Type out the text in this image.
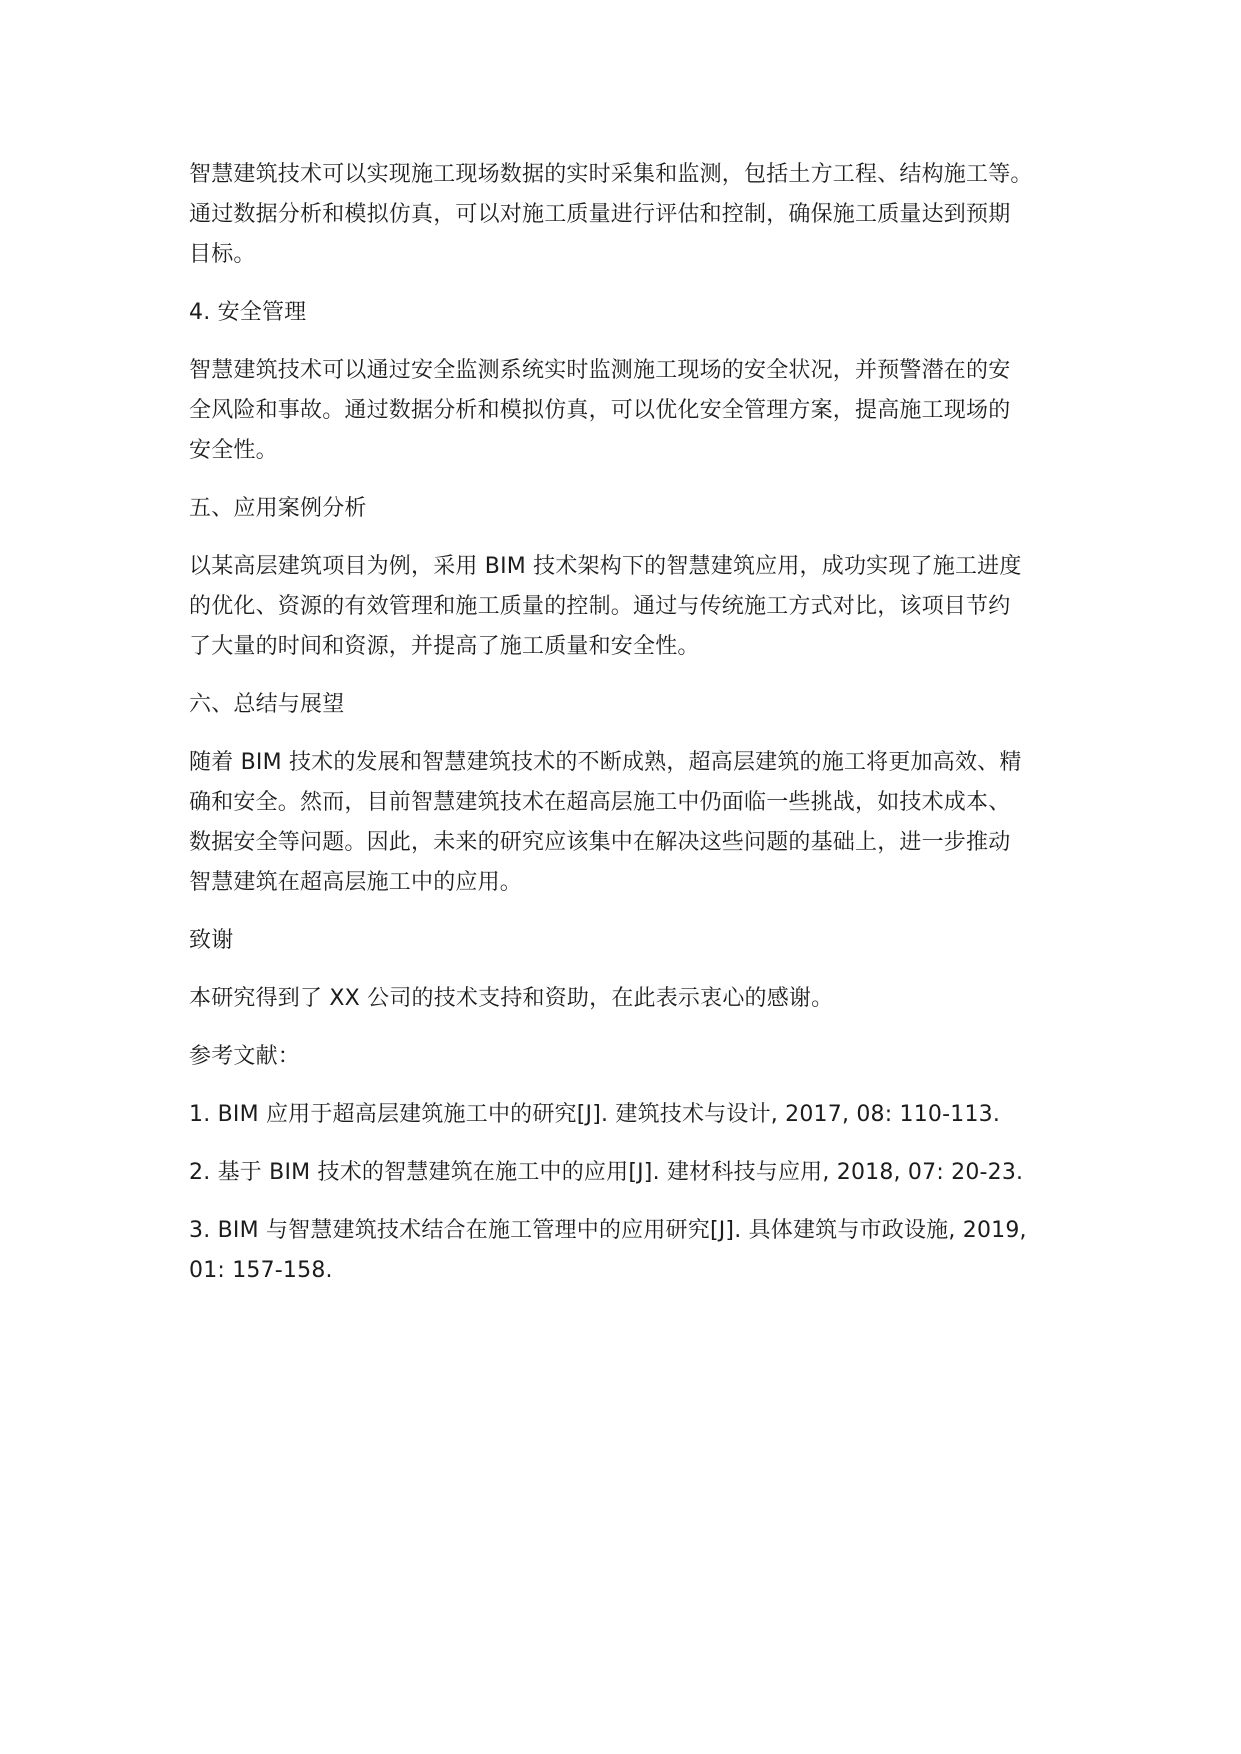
智慧建筑技术可以实现施工现场数据的实时采集和监测，包括土方工程、结构施工等。
通过数据分析和模拟仿真，可以对施工质量进行评估和控制，确保施工质量达到预期
目标。

4. 安全管理

智慧建筑技术可以通过安全监测系统实时监测施工现场的安全状况，并预警潜在的安
全风险和事故。通过数据分析和模拟仿真，可以优化安全管理方案，提高施工现场的
安全性。

五、应用案例分析

以某高层建筑项目为例，采用 BIM 技术架构下的智慧建筑应用，成功实现了施工进度
的优化、资源的有效管理和施工质量的控制。通过与传统施工方式对比，该项目节约
了大量的时间和资源，并提高了施工质量和安全性。

六、总结与展望

随着 BIM 技术的发展和智慧建筑技术的不断成熟，超高层建筑的施工将更加高效、精
确和安全。然而，目前智慧建筑技术在超高层施工中仍面临一些挑战，如技术成本、
数据安全等问题。因此，未来的研究应该集中在解决这些问题的基础上，进一步推动
智慧建筑在超高层施工中的应用。

致谢

本研究得到了 XX 公司的技术支持和资助，在此表示衷心的感谢。

参考文献：

1. BIM 应用于超高层建筑施工中的研究[J]. 建筑技术与设计, 2017, 08: 110-113.

2. 基于 BIM 技术的智慧建筑在施工中的应用[J]. 建材科技与应用, 2018, 07: 20-23.

3. BIM 与智慧建筑技术结合在施工管理中的应用研究[J]. 具体建筑与市政设施, 2019,
01: 157-158.
